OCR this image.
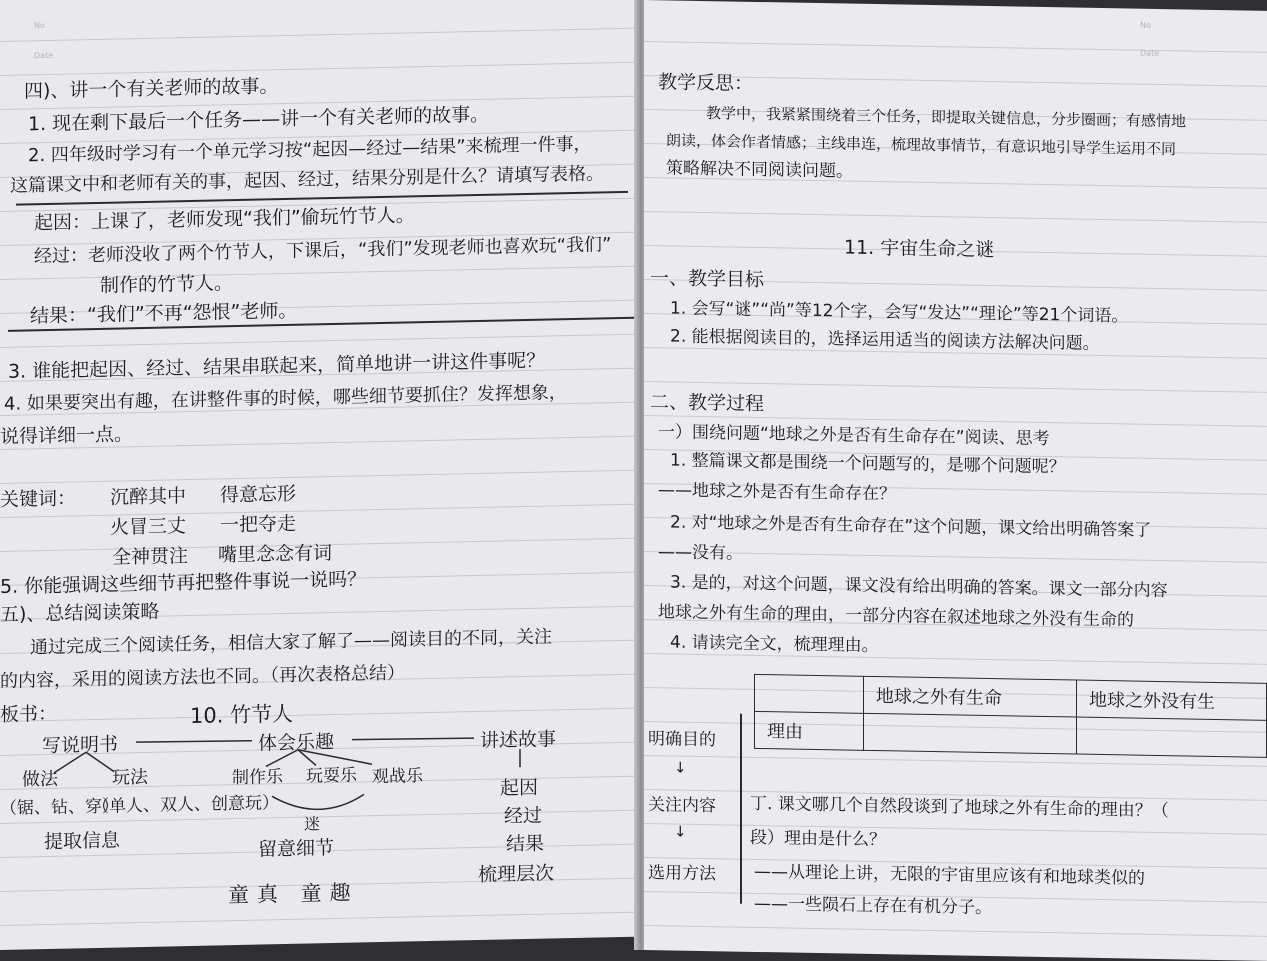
No
Date
四)、讲一个有关老师的故事。
1. 现在剩下最后一个任务——讲一个有关老师的故事。
2. 四年级时学习有一个单元学习按“起因—经过—结果”来梳理一件事，
这篇课文中和老师有关的事，起因、经过，结果分别是什么？请填写表格。
起因：上课了，老师发现“我们”偷玩竹节人。
经过：老师没收了两个竹节人，下课后，“我们”发现老师也喜欢玩“我们”
制作的竹节人。
结果：“我们”不再“怨恨”老师。
3. 谁能把起因、经过、结果串联起来，简单地讲一讲这件事呢？
4. 如果要突出有趣，在讲整件事的时候，哪些细节要抓住？发挥想象，
说得详细一点。
关键词： 沉醉其中 得意忘形
火冒三丈 一把夺走
全神贯注 嘴里念念有词
5. 你能强调这些细节再把整件事说一说吗？
五)、总结阅读策略
通过完成三个阅读任务，相信大家了解了——阅读目的不同，关注
的内容，采用的阅读方法也不同。（再次表格总结）
板书：	10. 竹节人
写说明书	体会乐趣	讲述故事
做法	玩法
（锯、钻、穿）
（单人、双人、创意玩）
制作乐 玩耍乐 观战乐
起因
迷	经过
提取信息	留意细节	结果
梳理层次
童真 童趣
No
Date
教学反思：
教学中，我紧紧围绕着三个任务，即提取关键信息，分步圈画；有感情地
朗读，体会作者情感；主线串连，梳理故事情节，有意识地引导学生运用不同
策略解决不同阅读问题。
11. 宇宙生命之谜
一、教学目标
1. 会写“谜”“尚”等12个字，会写“发达”“理论”等21个词语。
2. 能根据阅读目的，选择运用适当的阅读方法解决问题。
二、教学过程
一）围绕问题“地球之外是否有生命存在”阅读、思考
1. 整篇课文都是围绕一个问题写的，是哪个问题呢？
——地球之外是否有生命存在？
2. 对“地球之外是否有生命存在”这个问题，课文给出明确答案了
——没有。
3. 是的，对这个问题，课文没有给出明确的答案。课文一部分内容
地球之外有生命的理由，一部分内容在叙述地球之外没有生命的
4. 请读完全文，梳理理由。
	地球之外有生命	地球之外没有生
理由		
明确目的
↓
关注内容
↓
选用方法
丁. 课文哪几个自然段谈到了地球之外有生命的理由？（
段）理由是什么？
——从理论上讲，无限的宇宙里应该有和地球类似的
——一些陨石上存在有机分子。
